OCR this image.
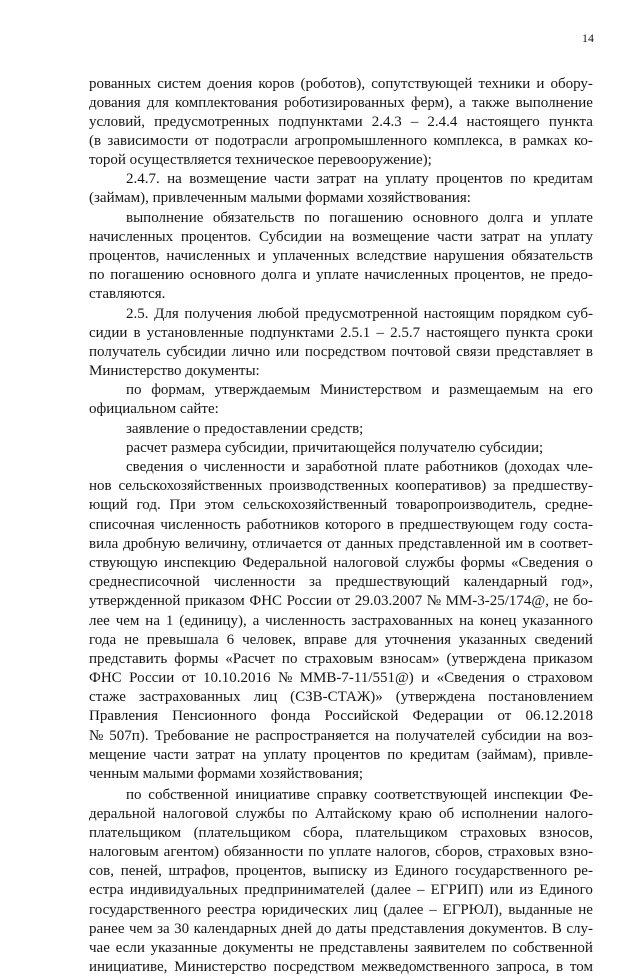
14
рованных систем доения коров (роботов), сопутствующей техники и обору-
дования для комплектования роботизированных ферм), а также выполнение
условий, предусмотренных подпунктами 2.4.3 – 2.4.4 настоящего пункта
(в зависимости от подотрасли агропромышленного комплекса, в рамках ко-
торой осуществляется техническое перевооружение);
2.4.7. на возмещение части затрат на уплату процентов по кредитам
(займам), привлеченным малыми формами хозяйствования:
выполнение обязательств по погашению основного долга и уплате
начисленных процентов. Субсидии на возмещение части затрат на уплату
процентов, начисленных и уплаченных вследствие нарушения обязательств
по погашению основного долга и уплате начисленных процентов, не предо-
ставляются.
2.5. Для получения любой предусмотренной настоящим порядком суб-
сидии в установленные подпунктами 2.5.1 – 2.5.7 настоящего пункта сроки
получатель субсидии лично или посредством почтовой связи представляет в
Министерство документы:
по формам, утверждаемым Министерством и размещаемым на его
официальном сайте:
заявление о предоставлении средств;
расчет размера субсидии, причитающейся получателю субсидии;
сведения о численности и заработной плате работников (доходах чле-
нов сельскохозяйственных производственных кооперативов) за предшеству-
ющий год. При этом сельскохозяйственный товаропроизводитель, средне-
списочная численность работников которого в предшествующем году соста-
вила дробную величину, отличается от данных представленной им в соответ-
ствующую инспекцию Федеральной налоговой службы формы «Сведения о
среднесписочной численности за предшествующий календарный год»,
утвержденной приказом ФНС России от 29.03.2007 № ММ-3-25/174@, не бо-
лее чем на 1 (единицу), а численность застрахованных на конец указанного
года не превышала 6 человек, вправе для уточнения указанных сведений
представить формы «Расчет по страховым взносам» (утверждена приказом
ФНС России от 10.10.2016 № ММВ-7-11/551@) и «Сведения о страховом
стаже застрахованных лиц (СЗВ-СТАЖ)» (утверждена постановлением
Правления Пенсионного фонда Российской Федерации от 06.12.2018
№ 507п). Требование не распространяется на получателей субсидии на воз-
мещение части затрат на уплату процентов по кредитам (займам), привле-
ченным малыми формами хозяйствования;
по собственной инициативе справку соответствующей инспекции Фе-
деральной налоговой службы по Алтайскому краю об исполнении налого-
плательщиком (плательщиком сбора, плательщиком страховых взносов,
налоговым агентом) обязанности по уплате налогов, сборов, страховых взно-
сов, пеней, штрафов, процентов, выписку из Единого государственного ре-
естра индивидуальных предпринимателей (далее – ЕГРИП) или из Единого
государственного реестра юридических лиц (далее – ЕГРЮЛ), выданные не
ранее чем за 30 календарных дней до даты представления документов. В слу-
чае если указанные документы не представлены заявителем по собственной
инициативе, Министерство посредством межведомственного запроса, в том
